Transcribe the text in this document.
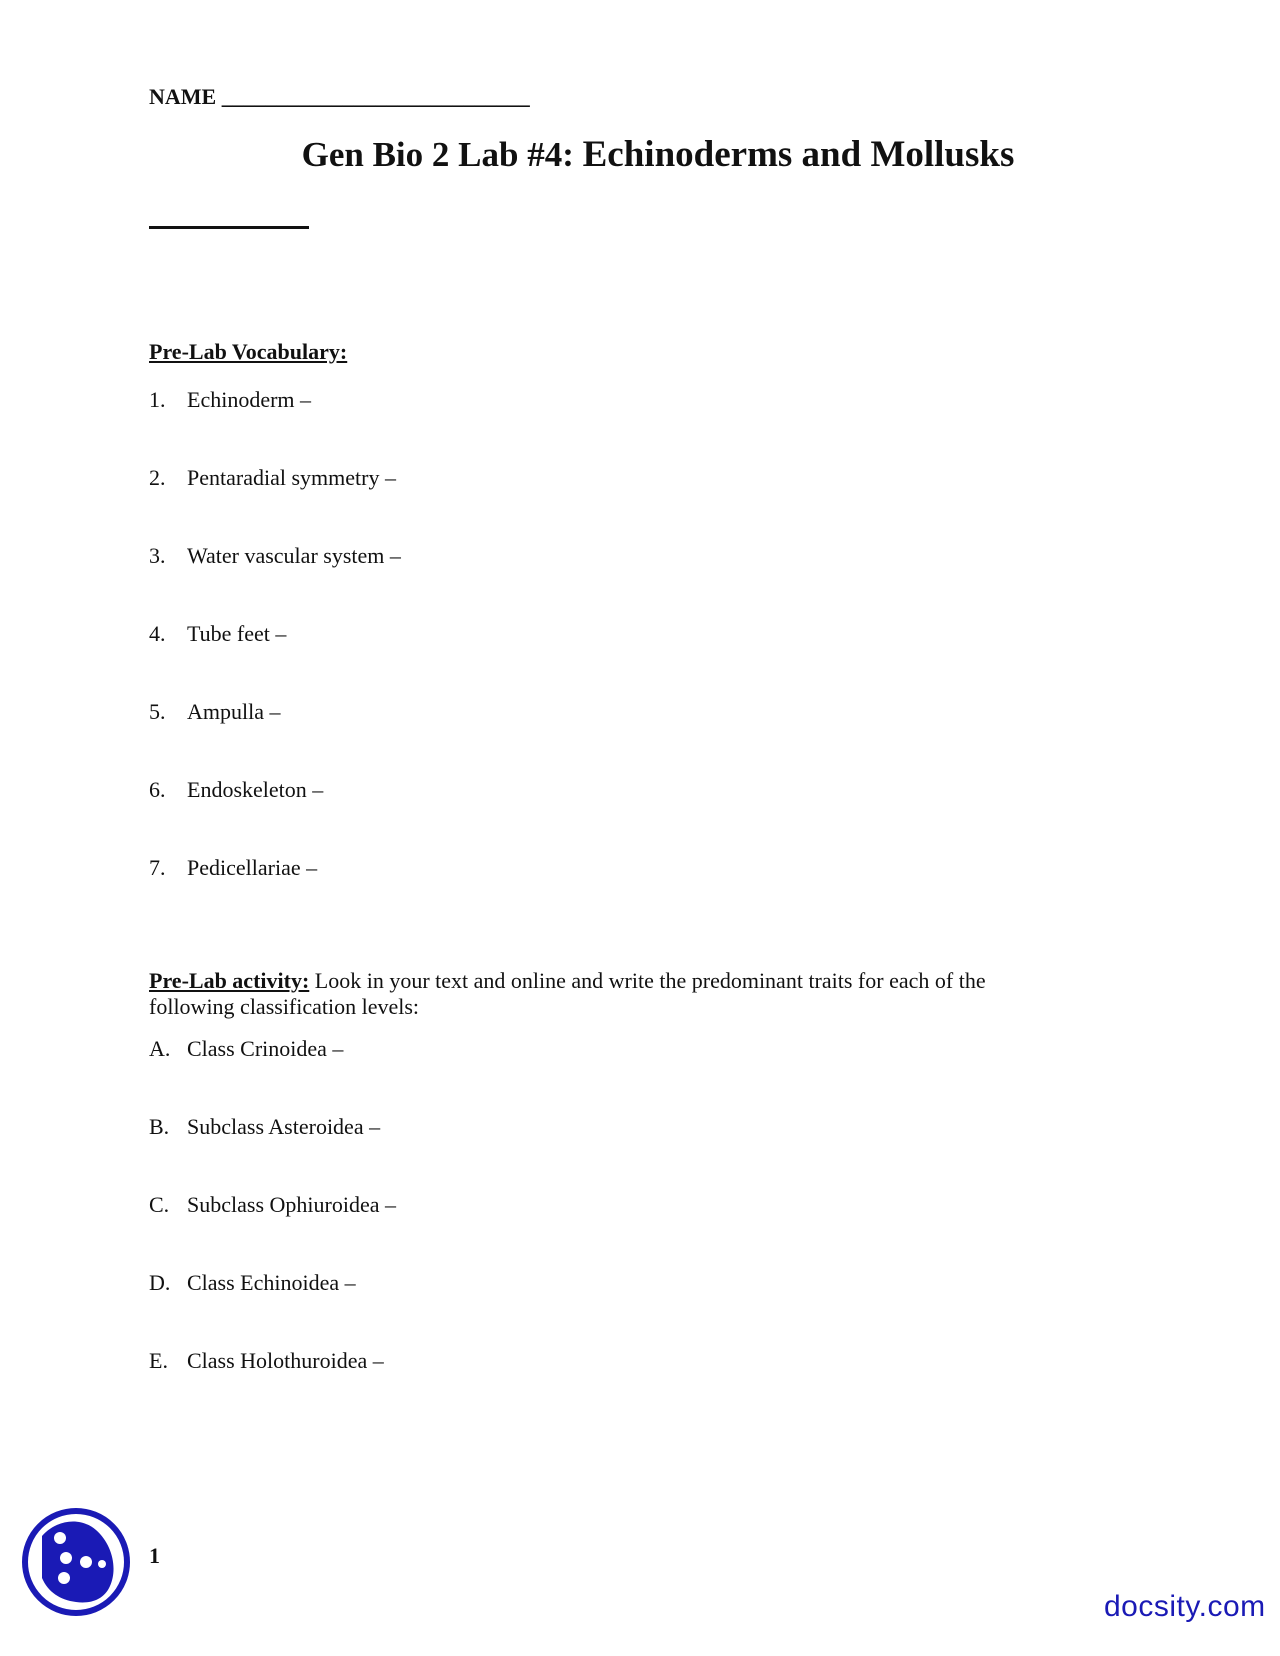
NAME ____________________________
Gen Bio 2 Lab #4: Echinoderms and Mollusks
Pre-Lab Vocabulary:
1. Echinoderm –
2. Pentaradial symmetry –
3. Water vascular system –
4. Tube feet –
5. Ampulla –
6. Endoskeleton –
7. Pedicellariae –
Pre-Lab activity: Look in your text and online and write the predominant traits for each of the following classification levels:
A. Class Crinoidea –
B. Subclass Asteroidea –
C. Subclass Ophiuroidea –
D. Class Echinoidea –
E. Class Holothuroidea –
1
docsity.com
